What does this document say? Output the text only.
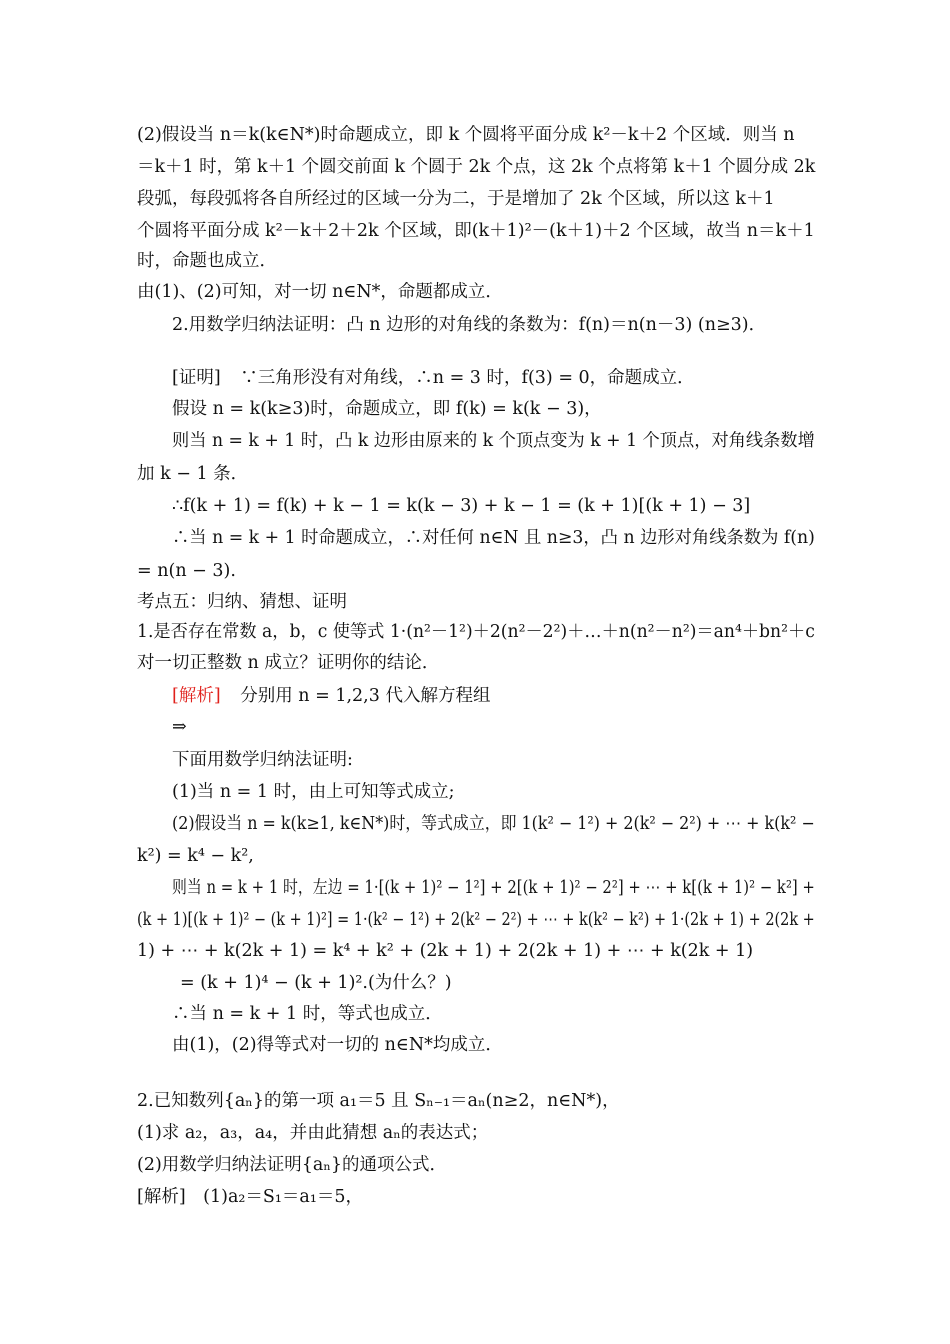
(2)假设当 n＝k(k∈N*)时命题成立，即 k 个圆将平面分成 k²－k＋2 个区域．则当 n
＝k＋1 时，第 k＋1 个圆交前面 k 个圆于 2k 个点，这 2k 个点将第 k＋1 个圆分成 2k
段弧，每段弧将各自所经过的区域一分为二，于是增加了 2k 个区域，所以这 k＋1
个圆将平面分成 k²－k＋2＋2k 个区域，即(k＋1)²－(k＋1)＋2 个区域，故当 n＝k＋1
时，命题也成立．
由(1)、(2)可知，对一切 n∈N*，命题都成立．
2.用数学归纳法证明：凸 n 边形的对角线的条数为：f(n)＝n(n－3) (n≥3)．
[证明] ∵三角形没有对角线，∴n = 3 时，f(3) = 0，命题成立．
假设 n = k(k≥3)时，命题成立，即 f(k) = k(k − 3)，
则当 n = k + 1 时，凸 k 边形由原来的 k 个顶点变为 k + 1 个顶点，对角线条数增
加 k − 1 条．
∴f(k + 1) = f(k) + k − 1 = k(k − 3) + k − 1 = (k + 1)[(k + 1) − 3]
∴当 n = k + 1 时命题成立，∴对任何 n∈N 且 n≥3，凸 n 边形对角线条数为 f(n)
= n(n − 3).
考点五：归纳、猜想、证明
1.是否存在常数 a，b，c 使等式 1·(n²－1²)＋2(n²－2²)＋…＋n(n²－n²)＝an⁴＋bn²＋c
对一切正整数 n 成立？证明你的结论．
[解析] 分别用 n = 1,2,3 代入解方程组
⇒
下面用数学归纳法证明:
(1)当 n = 1 时，由上可知等式成立;
(2)假设当 n = k(k≥1, k∈N*)时，等式成立，即 1(k² − 1²) + 2(k² − 2²) + ⋯ + k(k² −
k²) = k⁴ − k²,
则当 n = k + 1 时，左边 = 1·[(k + 1)² − 1²] + 2[(k + 1)² − 2²] + ⋯ + k[(k + 1)² − k²] +
(k + 1)[(k + 1)² − (k + 1)²] = 1·(k² − 1²) + 2(k² − 2²) + ⋯ + k(k² − k²) + 1·(2k + 1) + 2(2k +
1) + ⋯ + k(2k + 1) = k⁴ + k² + (2k + 1) + 2(2k + 1) + ⋯ + k(2k + 1)
= (k + 1)⁴ − (k + 1)².(为什么？)
∴当 n = k + 1 时，等式也成立．
由(1)，(2)得等式对一切的 n∈N*均成立．
2.已知数列{aₙ}的第一项 a₁＝5 且 Sₙ₋₁＝aₙ(n≥2，n∈N*)，
(1)求 a₂，a₃，a₄，并由此猜想 aₙ的表达式；
(2)用数学归纳法证明{aₙ}的通项公式．
[解析]　(1)a₂＝S₁＝a₁＝5，
